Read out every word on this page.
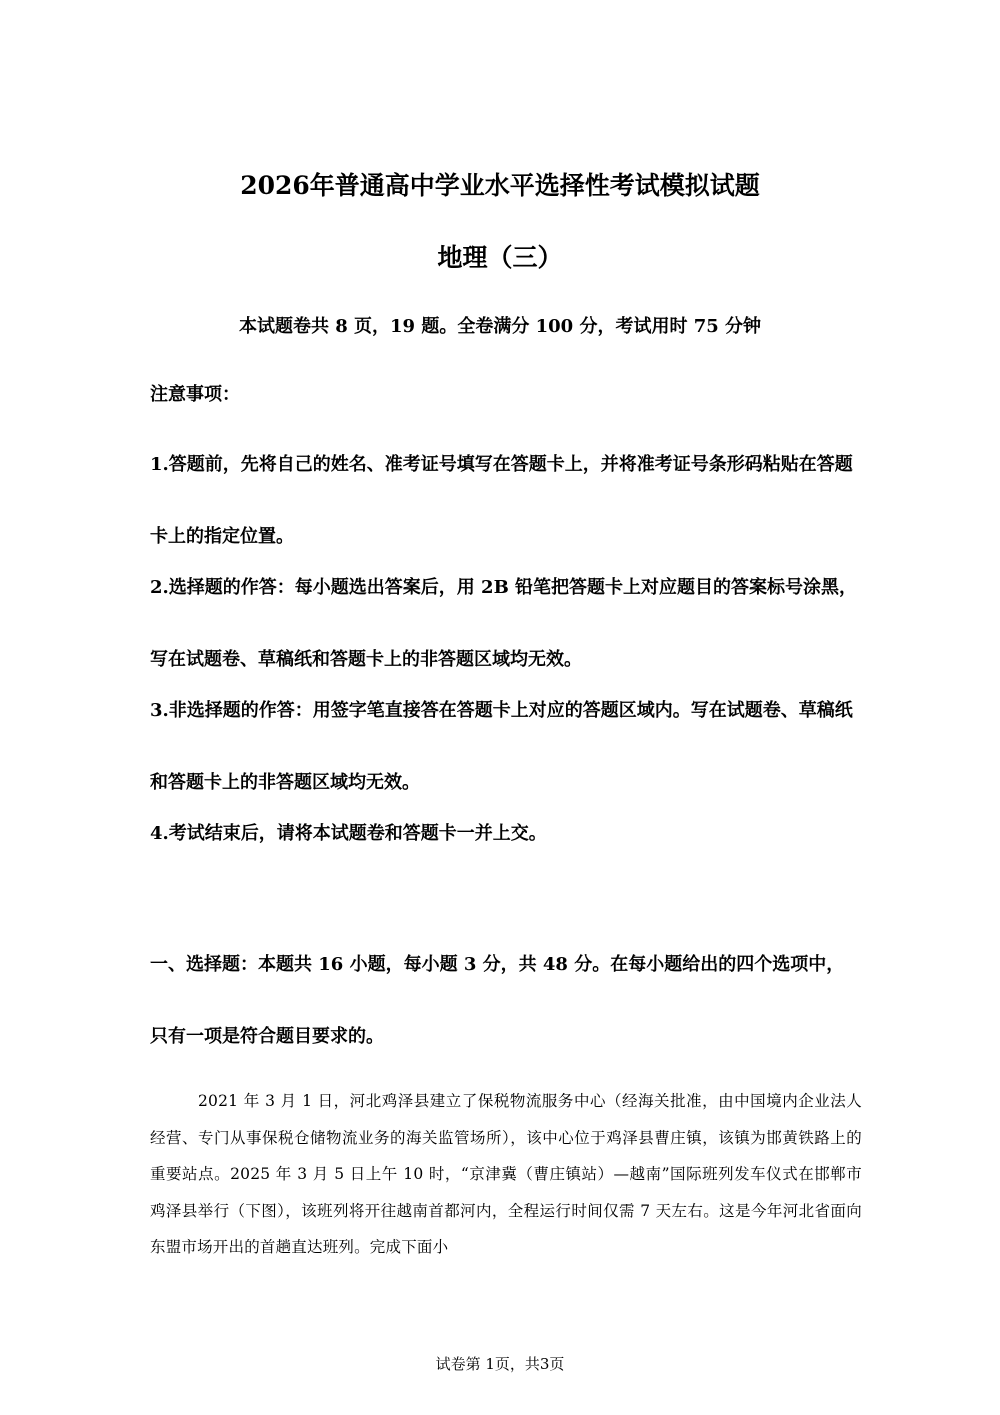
2026年普通高中学业水平选择性考试模拟试题
地理（三）
本试题卷共 8 页，19 题。全卷满分 100 分，考试用时 75 分钟
注意事项：
1.答题前，先将自己的姓名、准考证号填写在答题卡上，并将准考证号条形码粘贴在答题卡上的指定位置。
2.选择题的作答：每小题选出答案后，用 2B 铅笔把答题卡上对应题目的答案标号涂黑，写在试题卷、草稿纸和答题卡上的非答题区域均无效。
3.非选择题的作答：用签字笔直接答在答题卡上对应的答题区域内。写在试题卷、草稿纸和答题卡上的非答题区域均无效。
4.考试结束后，请将本试题卷和答题卡一并上交。
一、选择题：本题共 16 小题，每小题 3 分，共 48 分。在每小题给出的四个选项中，只有一项是符合题目要求的。
2021 年 3 月 1 日，河北鸡泽县建立了保税物流服务中心（经海关批准，由中国境内企业法人经营、专门从事保税仓储物流业务的海关监管场所），该中心位于鸡泽县曹庄镇，该镇为邯黄铁路上的重要站点。2025 年 3 月 5 日上午 10 时，“京津冀（曹庄镇站）—越南”国际班列发车仪式在邯郸市鸡泽县举行（下图），该班列将开往越南首都河内，全程运行时间仅需 7 天左右。这是今年河北省面向东盟市场开出的首趟直达班列。完成下面小
试卷第 1页，共3页
